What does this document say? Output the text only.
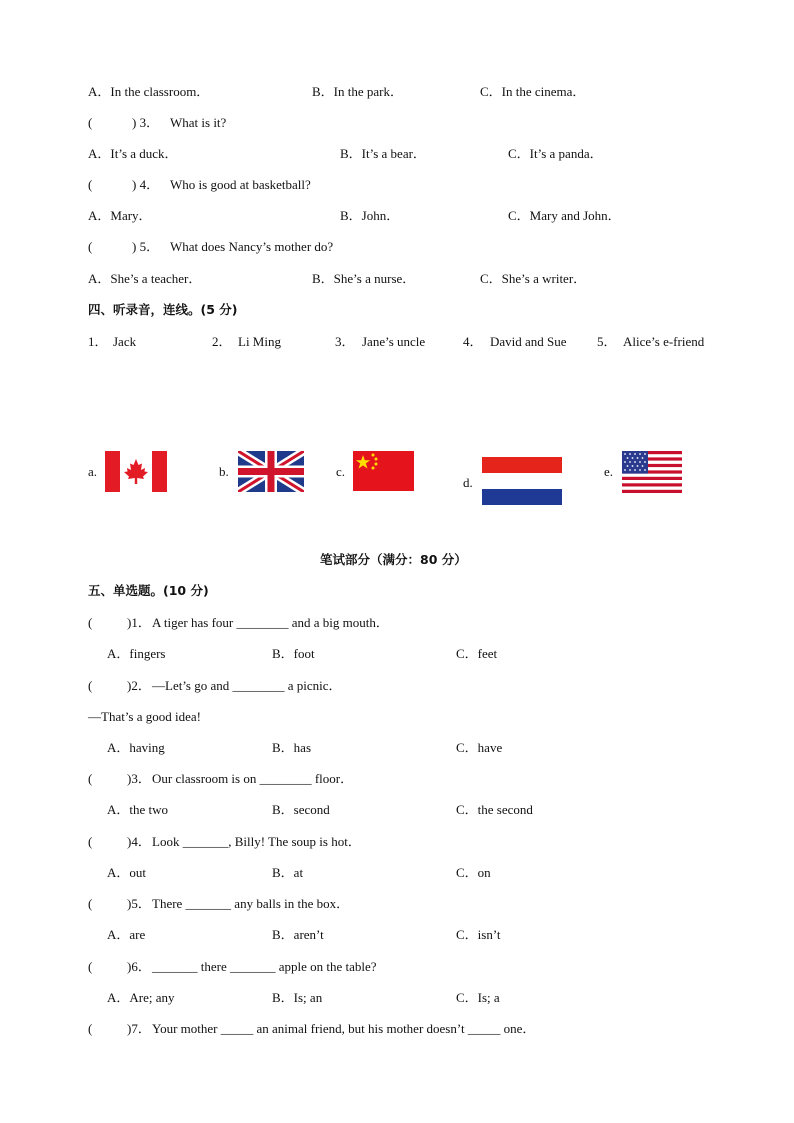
A．In the classroom．	B．In the park．	C．In the cinema．
(	) 3． What is it?
A．It’s a duck．	B．It’s a bear．	C．It’s a panda．
(	) 4． Who is good at basketball?
A．Mary．	B．John．	C．Mary and John．
(	) 5． What does Nancy’s mother do?
A．She’s a teacher．	B．She’s a nurse．	C．She’s a writer．
四、听录音，连线。(5 分)
1． Jack	2． Li Ming	3． Jane’s uncle	4． David and Sue 5． Alice’s e-friend
a.	b.	c.
d.
e.
笔试部分（满分：80 分）
五、单选题。(10 分)
(	)1． A tiger has four ________ and a big mouth．
A．fingers	B．foot	C．feet
(	)2． —Let’s go and ________ a picnic．
—That’s a good idea!
A．having	B．has	C．have
(	)3． Our classroom is on ________ floor．
A．the two	B．second	C．the second
(	)4． Look _______, Billy! The soup is hot．
A．out	B．at	C．on
(	)5． There _______ any balls in the box．
A．are	B．aren’t	C．isn’t
(	)6． _______ there _______ apple on the table?
A．Are; any	B．Is; an	C．Is; a
(	)7． Your mother _____ an animal friend, but his mother doesn’t _____ one．
